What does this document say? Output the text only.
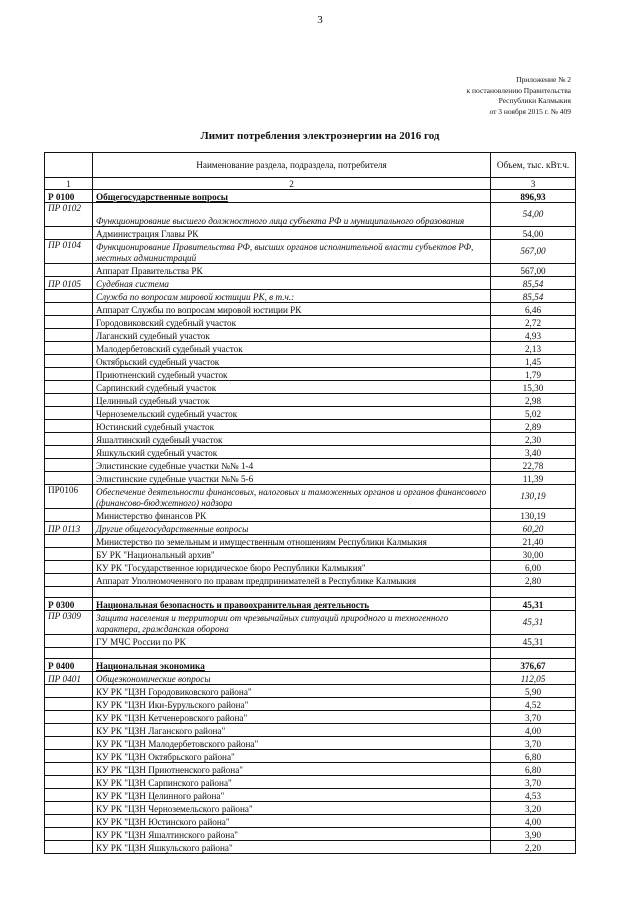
3
Приложение № 2
к постановлению Правительства
Республики Калмыкия
от 3 ноября 2015 г. № 409
Лимит потребления электроэнергии на 2016 год
	Наименование раздела, подраздела, потребителя	Объем, тыс. кВт.ч.
1	2	3
Р 0100	Общегосударственные вопросы	896,93
ПР 0102	Функционирование высшего должностного лица субъекта РФ и муниципального образования	54,00
	Администрация Главы РК	54,00
ПР 0104	Функционирование Правительства РФ, высших органов исполнительной власти субъектов РФ, местных администраций	567,00
	Аппарат Правительства РК	567,00
ПР 0105	Судебная система	85,54
	Служба по вопросам мировой юстиции РК, в т.ч.:	85,54
	Аппарат Службы по вопросам мировой юстиции РК	6,46
	Городовиковский судебный участок	2,72
	Лаганский судебный участок	4,93
	Малодербетовский судебный участок	2,13
	Октябрьский судебный участок	1,45
	Приютненский судебный участок	1,79
	Сарпинский судебный участок	15,30
	Целинный судебный участок	2,98
	Черноземельский судебный участок	5,02
	Юстинский судебный участок	2,89
	Яшалтинский судебный участок	2,30
	Яшкульский судебный участок	3,40
	Элистинские судебные участки №№ 1-4	22,78
	Элистинские судебные участки №№ 5-6	11,39
ПР0106	Обеспечение деятельности финансовых, налоговых и таможенных органов и органов финансового (финансово-бюджетного) надзора	130,19
	Министерство финансов РК	130,19
ПР 0113	Другие общегосударственные вопросы	60,20
	Министерство по земельным и имущественным отношениям Республики Калмыкия	21,40
	БУ РК "Национальный архив"	30,00
	КУ РК "Государственное юридическое бюро Республики Калмыкия"	6,00
	Аппарат Уполномоченного по правам предпринимателей в Республике Калмыкия	2,80

Р 0300	Национальная безопасность и правоохранительная деятельность	45,31
ПР 0309	Защита населения и территории от чрезвычайных ситуаций природного и техногенного характера, гражданская оборона	45,31
	ГУ МЧС России по РК	45,31

Р 0400	Национальная экономика	376,67
ПР 0401	Общеэкономические вопросы	112,05
	КУ РК "ЦЗН Городовиковского района"	5,90
	КУ РК "ЦЗН Ики-Бурульского района"	4,52
	КУ РК "ЦЗН Кетченеровского района"	3,70
	КУ РК "ЦЗН Лаганского района"	4,00
	КУ РК "ЦЗН Малодербетовского района"	3,70
	КУ РК "ЦЗН Октябрьского района"	6,80
	КУ РК "ЦЗН Приютненского района"	6,80
	КУ РК "ЦЗН Сарпинского района"	3,70
	КУ РК "ЦЗН Целинного района"	4,53
	КУ РК "ЦЗН Черноземельского района"	3,20
	КУ РК "ЦЗН Юстинского района"	4,00
	КУ РК "ЦЗН Яшалтинского района"	3,90
	КУ РК "ЦЗН Яшкульского района"	2,20
